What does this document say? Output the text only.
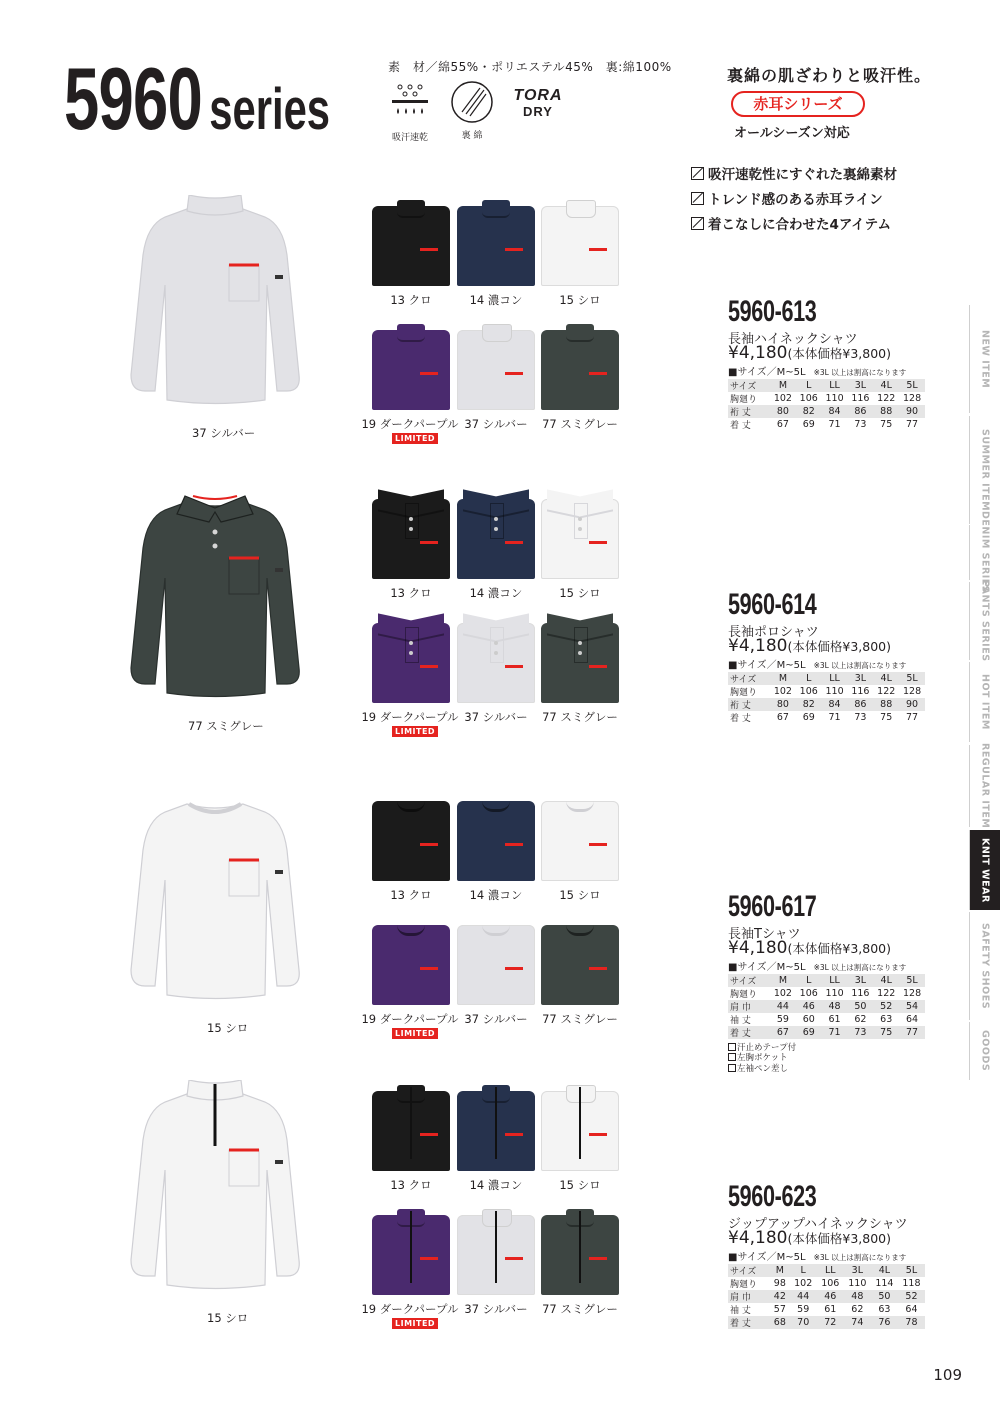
5960 series
素　材／綿55%・ポリエステル45%　裏:綿100%
吸汗速乾	裏 綿
TORA
DRY
裏綿の肌ざわりと吸汗性。
赤耳シリーズ
オールシーズン対応
吸汗速乾性にすぐれた裏綿素材
トレンド感のある赤耳ライン
着こなしに合わせた4アイテム
NEW ITEM
SUMMER ITEM
DENIM SERIES
PANTS SERIES
HOT ITEM
REGULAR ITEM
KNIT WEAR
SAFETY SHOES
GOODS
109
37 シルバー
13 クロ	14 濃コン	15 シロ
19 ダークパープル 37 シルバー	77 スミグレー
LIMITED
5960-613
長袖ハイネックシャツ
¥4,180(本体価格¥3,800)
■サイズ／M~5L ※3L 以上は割高になります
サイズ	M	L	LL	3L	4L	5L
胸廻り	102	106	110	116	122	128
裄 丈	80	82	84	86	88	90
着 丈	67	69	71	73	75	77
77 スミグレー
13 クロ	14 濃コン	15 シロ
19 ダークパープル 37 シルバー	77 スミグレー
LIMITED
5960-614
長袖ポロシャツ
¥4,180(本体価格¥3,800)
■サイズ／M~5L ※3L 以上は割高になります
サイズ	M	L	LL	3L	4L	5L
胸廻り	102	106	110	116	122	128
裄 丈	80	82	84	86	88	90
着 丈	67	69	71	73	75	77
15 シロ
13 クロ	14 濃コン	15 シロ
19 ダークパープル 37 シルバー	77 スミグレー
LIMITED
5960-617
長袖Tシャツ
¥4,180(本体価格¥3,800)
■サイズ／M~5L ※3L 以上は割高になります
サイズ	M	L	LL	3L	4L	5L
胸廻り	102	106	110	116	122	128
肩 巾	44	46	48	50	52	54
袖 丈	59	60	61	62	63	64
着 丈	67	69	71	73	75	77
汗止めテープ付
左胸ポケット
左袖ペン差し
15 シロ
13 クロ	14 濃コン	15 シロ
19 ダークパープル 37 シルバー	77 スミグレー
LIMITED
5960-623
ジップアップハイネックシャツ
¥4,180(本体価格¥3,800)
■サイズ／M~5L ※3L 以上は割高になります
サイズ	M	L	LL	3L	4L	5L
胸廻り	98	102	106	110	114	118
肩 巾	42	44	46	48	50	52
袖 丈	57	59	61	62	63	64
着 丈	68	70	72	74	76	78
